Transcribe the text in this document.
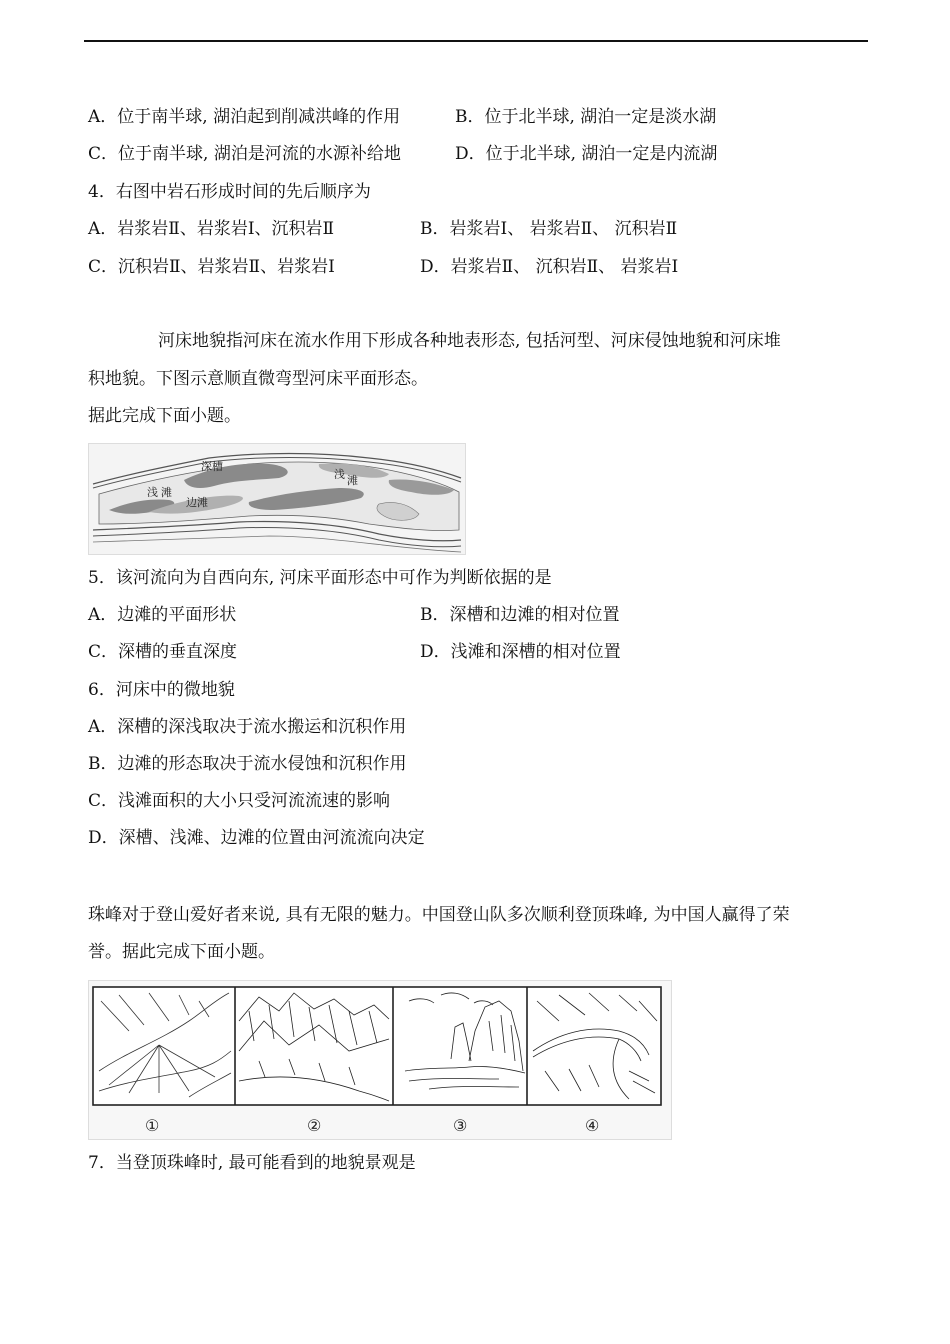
A．位于南半球, 湖泊起到削减洪峰的作用	B．位于北半球, 湖泊一定是淡水湖
C．位于南半球, 湖泊是河流的水源补给地	D．位于北半球, 湖泊一定是内流湖
4．右图中岩石形成时间的先后顺序为
A．岩浆岩Ⅱ、岩浆岩Ⅰ、沉积岩Ⅱ	B．岩浆岩Ⅰ、 岩浆岩Ⅱ、 沉积岩Ⅱ
C．沉积岩Ⅱ、岩浆岩Ⅱ、岩浆岩Ⅰ	D．岩浆岩Ⅱ、 沉积岩Ⅱ、 岩浆岩Ⅰ
河床地貌指河床在流水作用下形成各种地表形态, 包括河型、河床侵蚀地貌和河床堆
积地貌。下图示意顺直微弯型河床平面形态。
据此完成下面小题。
深槽
浅 滩
浅 滩
边滩
5．该河流向为自西向东, 河床平面形态中可作为判断依据的是
A．边滩的平面形状	B．深槽和边滩的相对位置
C．深槽的垂直深度	D．浅滩和深槽的相对位置
6．河床中的微地貌
A．深槽的深浅取决于流水搬运和沉积作用
B．边滩的形态取决于流水侵蚀和沉积作用
C．浅滩面积的大小只受河流流速的影响
D．深槽、浅滩、边滩的位置由河流流向决定
珠峰对于登山爱好者来说, 具有无限的魅力。中国登山队多次顺利登顶珠峰, 为中国人赢得了荣
誉。据此完成下面小题。
①	②	③	④
7．当登顶珠峰时, 最可能看到的地貌景观是
